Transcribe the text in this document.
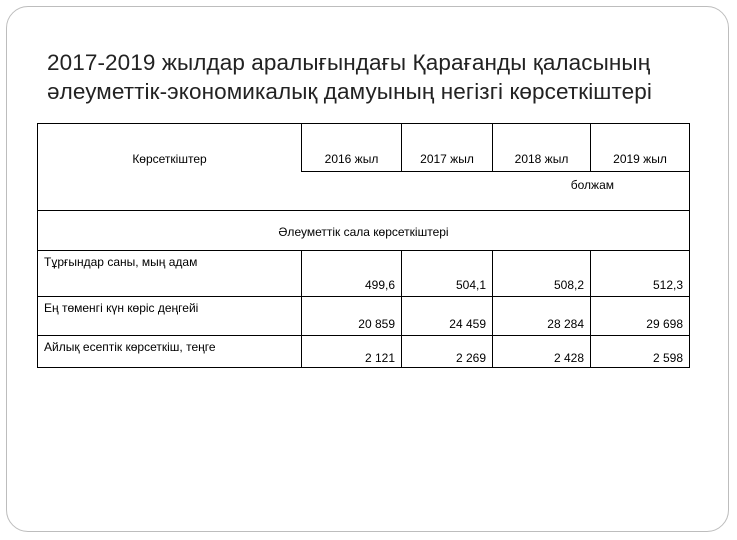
2017-2019 жылдар аралығындағы Қарағанды қаласының
әлеуметтік-экономикалық дамуының негізгі көрсеткіштері
Көрсеткіштер	2016 жыл	2017 жыл	2018 жыл	2019 жыл

болжам				

Әлеуметтік сала көрсеткіштері				

Тұрғындар саны, мың адам	499,6	504,1	508,2	512,3

Ең төменгі күн көріс деңгейі	20 859	24 459	28 284	29 698

Айлық есептік көрсеткіш, теңге	2 121	2 269	2 428	2 598
